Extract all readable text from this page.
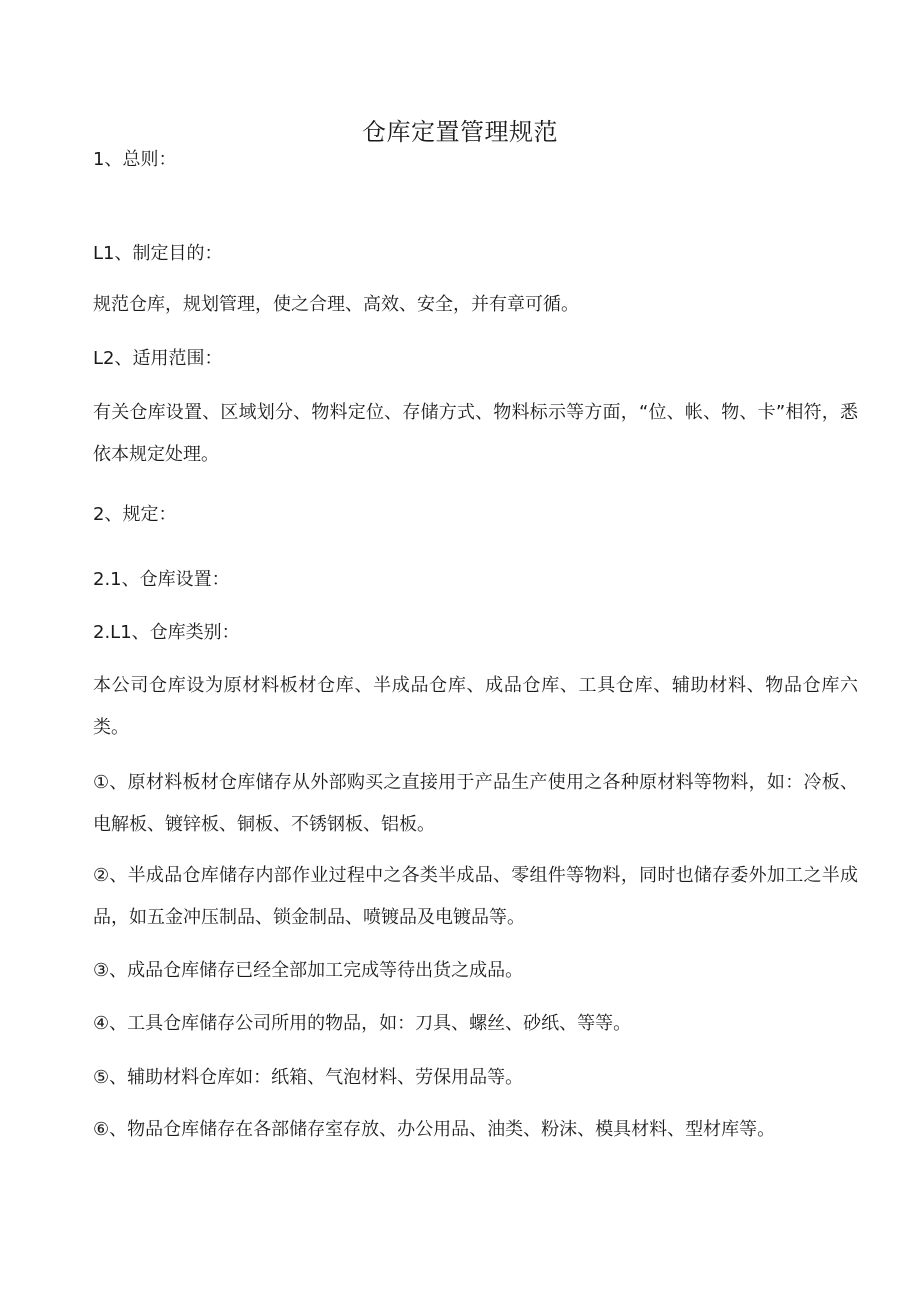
仓库定置管理规范

1、总则：

L1、制定目的：

规范仓库，规划管理，使之合理、高效、安全，并有章可循。

L2、适用范围：

有关仓库设置、区域划分、物料定位、存储方式、物料标示等方面，“位、帐、物、卡”相符，悉依本规定处理。

2、规定：

2.1、仓库设置：

2.L1、仓库类别：

本公司仓库设为原材料板材仓库、半成品仓库、成品仓库、工具仓库、辅助材料、物品仓库六类。

①、原材料板材仓库储存从外部购买之直接用于产品生产使用之各种原材料等物料，如：冷板、电解板、镀锌板、铜板、不锈钢板、铝板。

②、半成品仓库储存内部作业过程中之各类半成品、零组件等物料，同时也储存委外加工之半成品，如五金冲压制品、锁金制品、喷镀品及电镀品等。

③、成品仓库储存已经全部加工完成等待出货之成品。

④、工具仓库储存公司所用的物品，如：刀具、螺丝、砂纸、等等。

⑤、辅助材料仓库如：纸箱、气泡材料、劳保用品等。

⑥、物品仓库储存在各部储存室存放、办公用品、油类、粉沫、模具材料、型材库等。
